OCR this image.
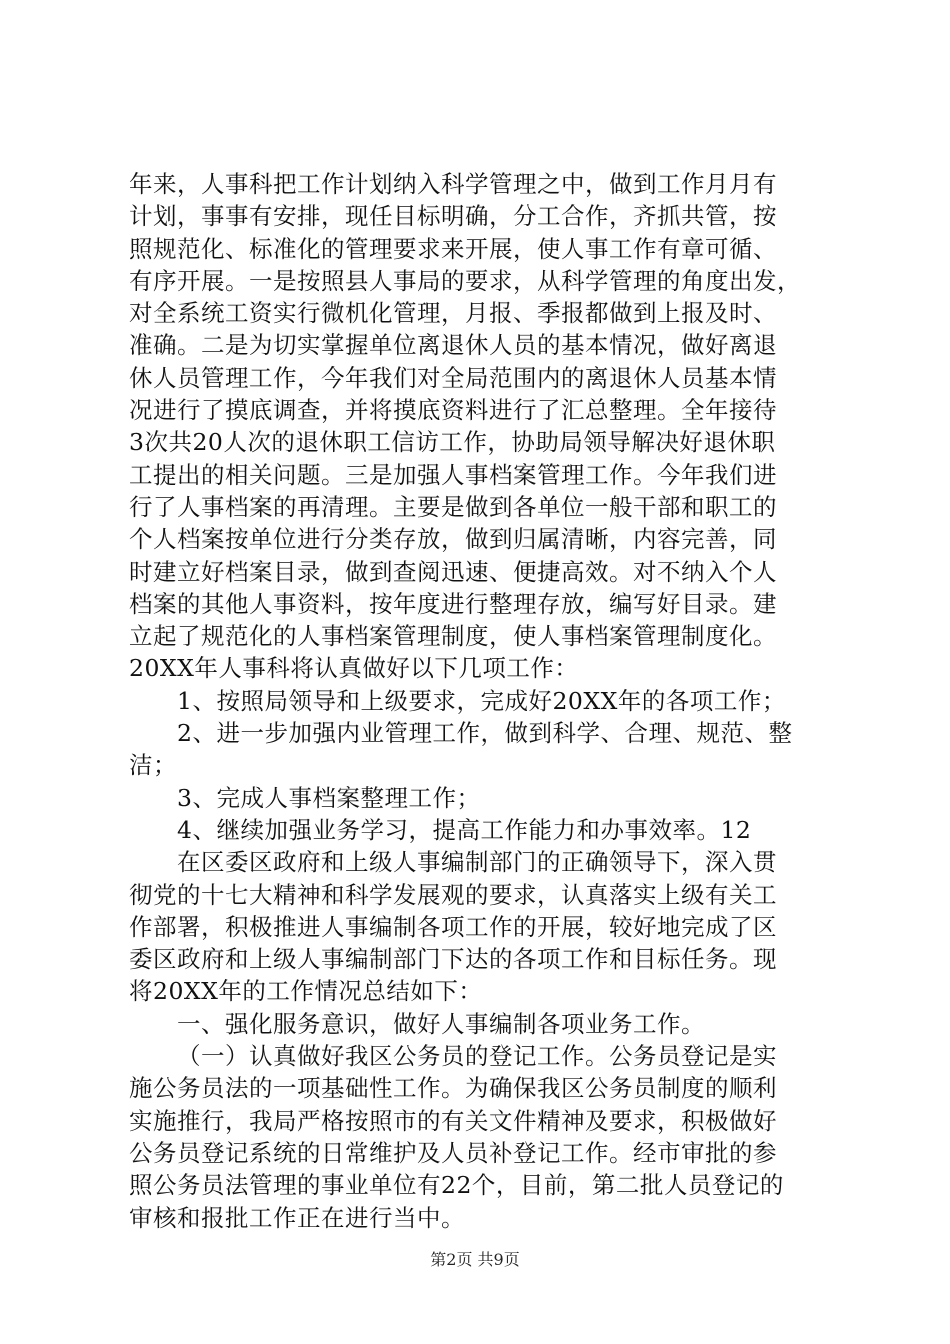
年来，人事科把工作计划纳入科学管理之中，做到工作月月有
计划，事事有安排，现任目标明确，分工合作，齐抓共管，按
照规范化、标准化的管理要求来开展，使人事工作有章可循、
有序开展。一是按照县人事局的要求，从科学管理的角度出发，
对全系统工资实行微机化管理，月报、季报都做到上报及时、
准确。二是为切实掌握单位离退休人员的基本情况，做好离退
休人员管理工作，今年我们对全局范围内的离退休人员基本情
况进行了摸底调查，并将摸底资料进行了汇总整理。全年接待
3次共20人次的退休职工信访工作，协助局领导解决好退休职
工提出的相关问题。三是加强人事档案管理工作。今年我们进
行了人事档案的再清理。主要是做到各单位一般干部和职工的
个人档案按单位进行分类存放，做到归属清晰，内容完善，同
时建立好档案目录，做到查阅迅速、便捷高效。对不纳入个人
档案的其他人事资料，按年度进行整理存放，编写好目录。建
立起了规范化的人事档案管理制度，使人事档案管理制度化。
20XX年人事科将认真做好以下几项工作：
1、按照局领导和上级要求，完成好20XX年的各项工作；
2、进一步加强内业管理工作，做到科学、合理、规范、整
洁；
3、完成人事档案整理工作；
4、继续加强业务学习，提高工作能力和办事效率。12
在区委区政府和上级人事编制部门的正确领导下，深入贯
彻党的十七大精神和科学发展观的要求，认真落实上级有关工
作部署，积极推进人事编制各项工作的开展，较好地完成了区
委区政府和上级人事编制部门下达的各项工作和目标任务。现
将20XX年的工作情况总结如下：
一、强化服务意识，做好人事编制各项业务工作。
（一）认真做好我区公务员的登记工作。公务员登记是实
施公务员法的一项基础性工作。为确保我区公务员制度的顺利
实施推行，我局严格按照市的有关文件精神及要求，积极做好
公务员登记系统的日常维护及人员补登记工作。经市审批的参
照公务员法管理的事业单位有22个，目前，第二批人员登记的
审核和报批工作正在进行当中。
第2页 共9页
